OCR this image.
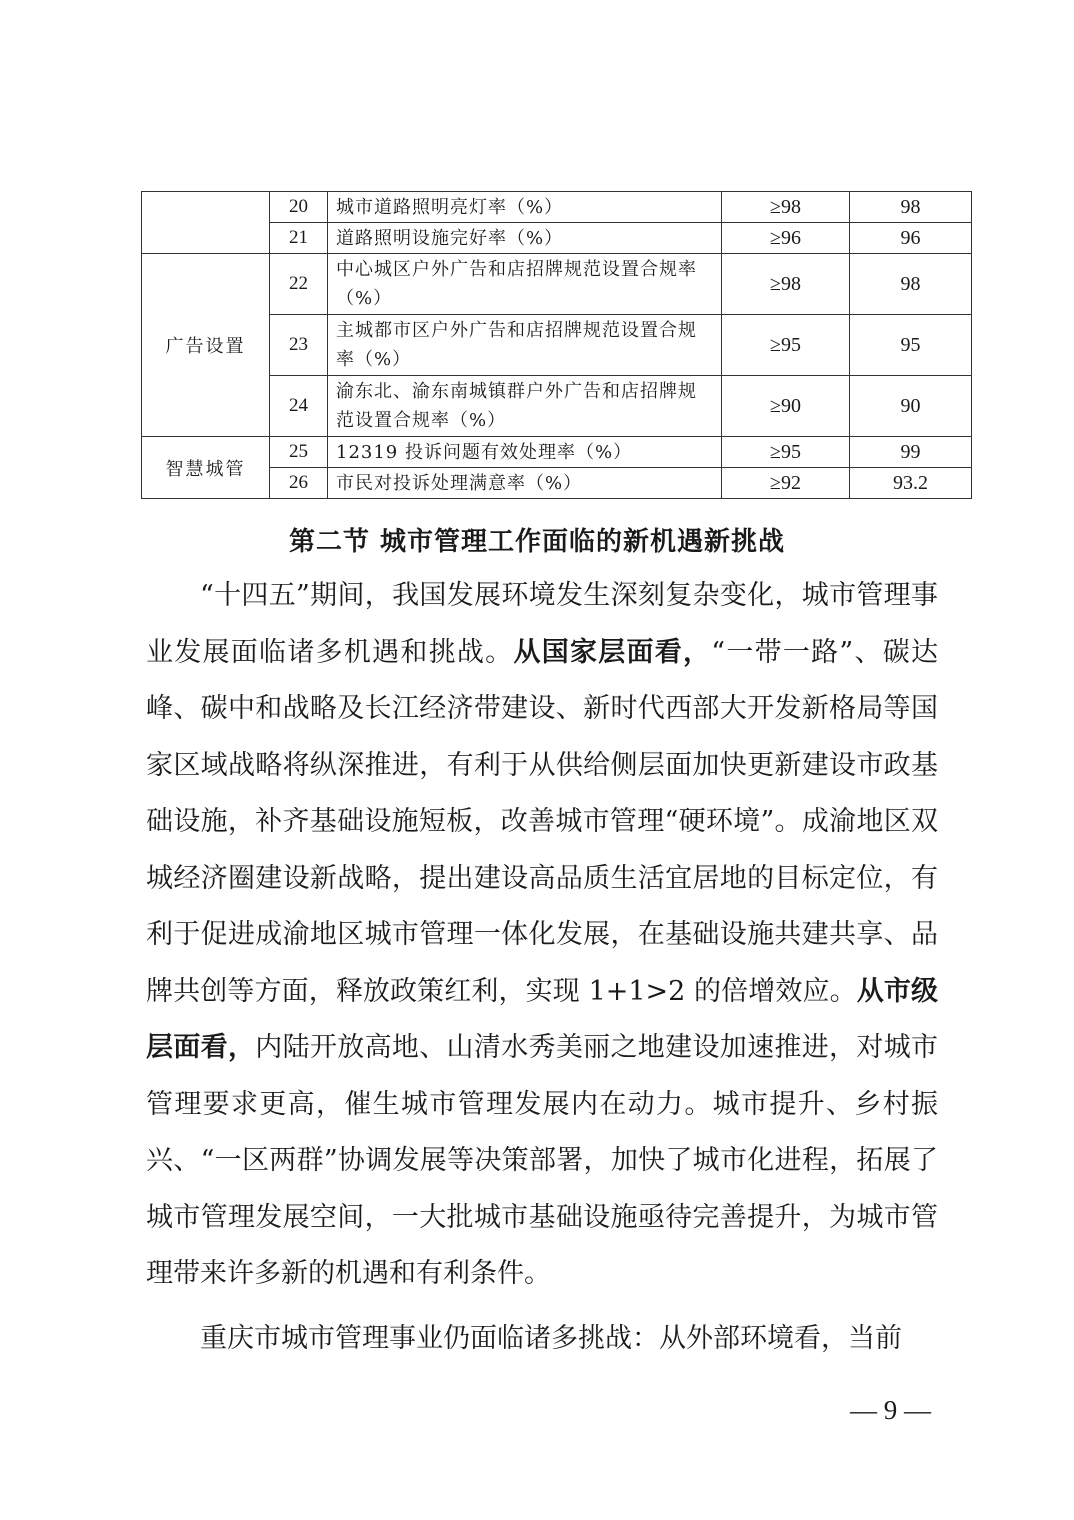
	20	城市道路照明亮灯率（%）	≥98	98
	21	道路照明设施完好率（%）	≥96	96
广告设置	22	中心城区户外广告和店招牌规范设置合规率（%）	≥98	98
	23	主城都市区户外广告和店招牌规范设置合规率（%）	≥95	95
	24	渝东北、渝东南城镇群户外广告和店招牌规范设置合规率（%）	≥90	90
智慧城管	25	12319 投诉问题有效处理率（%）	≥95	99
	26	市民对投诉处理满意率（%）	≥92	93.2
第二节 城市管理工作面临的新机遇新挑战

“十四五”期间，我国发展环境发生深刻复杂变化，城市管理事业发展面临诸多机遇和挑战。从国家层面看，“一带一路”、碳达峰、碳中和战略及长江经济带建设、新时代西部大开发新格局等国家区域战略将纵深推进，有利于从供给侧层面加快更新建设市政基础设施，补齐基础设施短板，改善城市管理“硬环境”。成渝地区双城经济圈建设新战略，提出建设高品质生活宜居地的目标定位，有利于促进成渝地区城市管理一体化发展，在基础设施共建共享、品牌共创等方面，释放政策红利，实现 1+1>2 的倍增效应。从市级层面看，内陆开放高地、山清水秀美丽之地建设加速推进，对城市管理要求更高，催生城市管理发展内在动力。城市提升、乡村振兴、“一区两群”协调发展等决策部署，加快了城市化进程，拓展了城市管理发展空间，一大批城市基础设施亟待完善提升，为城市管理带来许多新的机遇和有利条件。

重庆市城市管理事业仍面临诸多挑战：从外部环境看，当前

— 9 —
